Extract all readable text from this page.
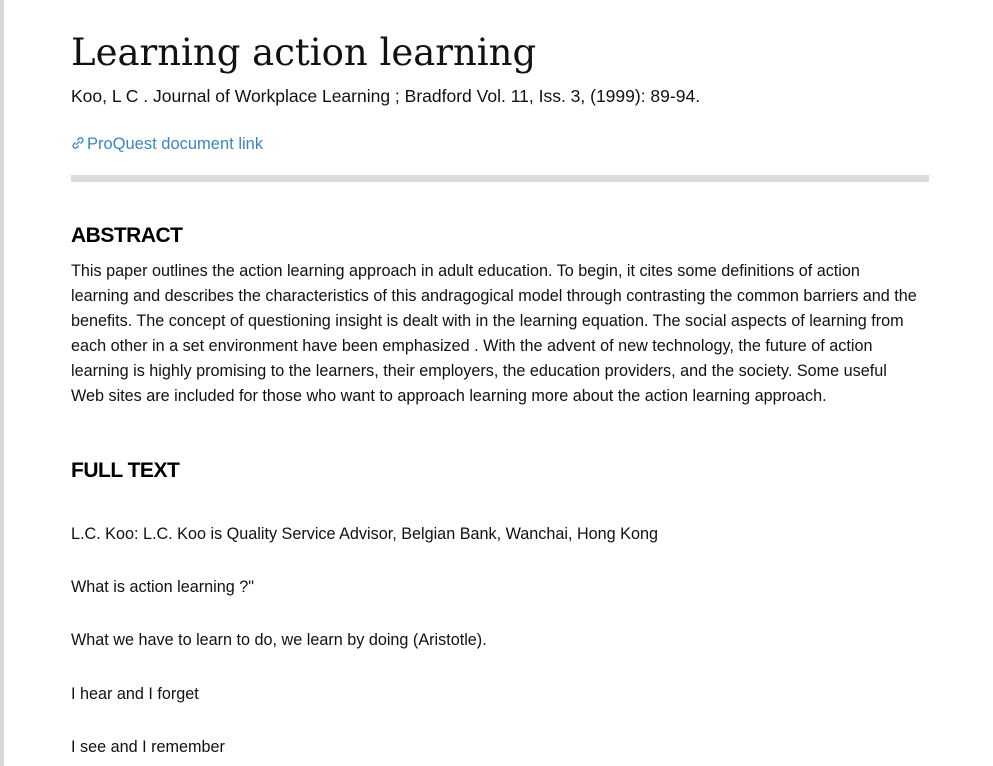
Learning action learning
Koo, L C . Journal of Workplace Learning ; Bradford Vol. 11, Iss. 3, (1999): 89-94.
ProQuest document link
ABSTRACT

This paper outlines the action learning approach in adult education. To begin, it cites some definitions of action learning and describes the characteristics of this andragogical model through contrasting the common barriers and the benefits. The concept of questioning insight is dealt with in the learning equation. The social aspects of learning from each other in a set environment have been emphasized . With the advent of new technology, the future of action learning is highly promising to the learners, their employers, the education providers, and the society. Some useful Web sites are included for those who want to approach learning more about the action learning approach.

FULL TEXT

L.C. Koo: L.C. Koo is Quality Service Advisor, Belgian Bank, Wanchai, Hong Kong

What is action learning ?"

What we have to learn to do, we learn by doing (Aristotle).

I hear and I forget

I see and I remember
